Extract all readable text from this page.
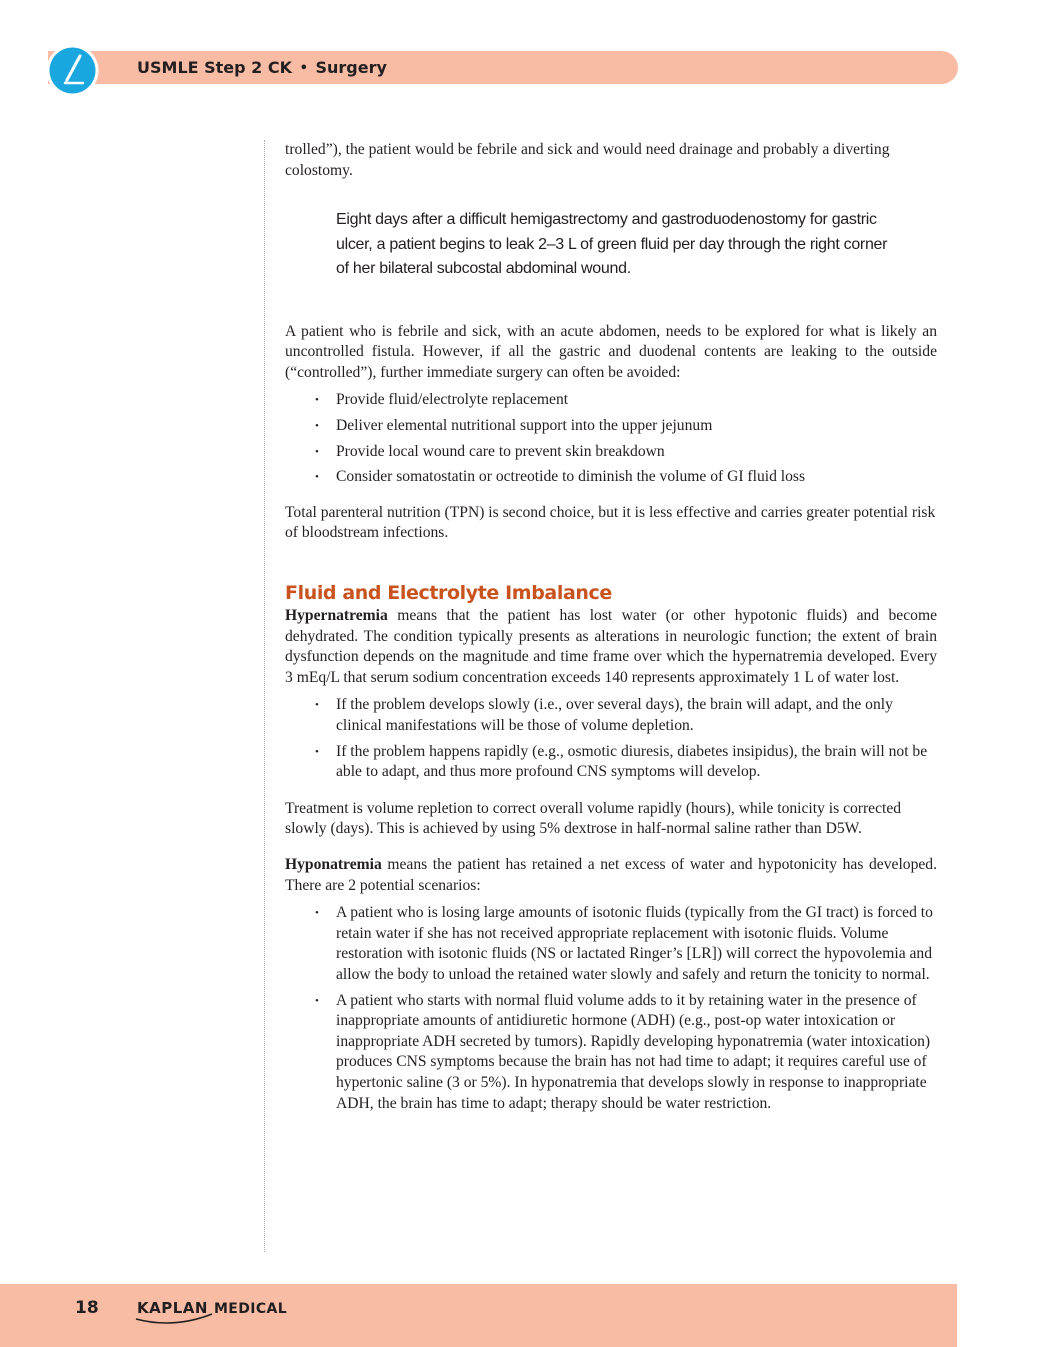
USMLE Step 2 CK • Surgery

trolled”), the patient would be febrile and sick and would need drainage and probably a diverting colostomy.

Eight days after a difficult hemigastrectomy and gastroduodenostomy for gastric ulcer, a patient begins to leak 2–3 L of green fluid per day through the right corner of her bilateral subcostal abdominal wound.

A patient who is febrile and sick, with an acute abdomen, needs to be explored for what is likely an uncontrolled fistula. However, if all the gastric and duodenal contents are leaking to the outside (“controlled”), further immediate surgery can often be avoided:

• Provide fluid/electrolyte replacement
• Deliver elemental nutritional support into the upper jejunum
• Provide local wound care to prevent skin breakdown
• Consider somatostatin or octreotide to diminish the volume of GI fluid loss

Total parenteral nutrition (TPN) is second choice, but it is less effective and carries greater potential risk of bloodstream infections.

Fluid and Electrolyte Imbalance

Hypernatremia means that the patient has lost water (or other hypotonic fluids) and become dehydrated. The condition typically presents as alterations in neurologic function; the extent of brain dysfunction depends on the magnitude and time frame over which the hypernatremia developed. Every 3 mEq/L that serum sodium concentration exceeds 140 represents approximately 1 L of water lost.

• If the problem develops slowly (i.e., over several days), the brain will adapt, and the only clinical manifestations will be those of volume depletion.
• If the problem happens rapidly (e.g., osmotic diuresis, diabetes insipidus), the brain will not be able to adapt, and thus more profound CNS symptoms will develop.

Treatment is volume repletion to correct overall volume rapidly (hours), while tonicity is corrected slowly (days). This is achieved by using 5% dextrose in half-normal saline rather than D5W.

Hyponatremia means the patient has retained a net excess of water and hypotonicity has developed. There are 2 potential scenarios:

• A patient who is losing large amounts of isotonic fluids (typically from the GI tract) is forced to retain water if she has not received appropriate replacement with isotonic fluids. Volume restoration with isotonic fluids (NS or lactated Ringer’s [LR]) will correct the hypovolemia and allow the body to unload the retained water slowly and safely and return the tonicity to normal.
• A patient who starts with normal fluid volume adds to it by retaining water in the presence of inappropriate amounts of antidiuretic hormone (ADH) (e.g., post-op water intoxication or inappropriate ADH secreted by tumors). Rapidly developing hyponatremia (water intoxication) produces CNS symptoms because the brain has not had time to adapt; it requires careful use of hypertonic saline (3 or 5%). In hyponatremia that develops slowly in response to inappropriate ADH, the brain has time to adapt; therapy should be water restriction.
18	KAPLAN MEDICAL
